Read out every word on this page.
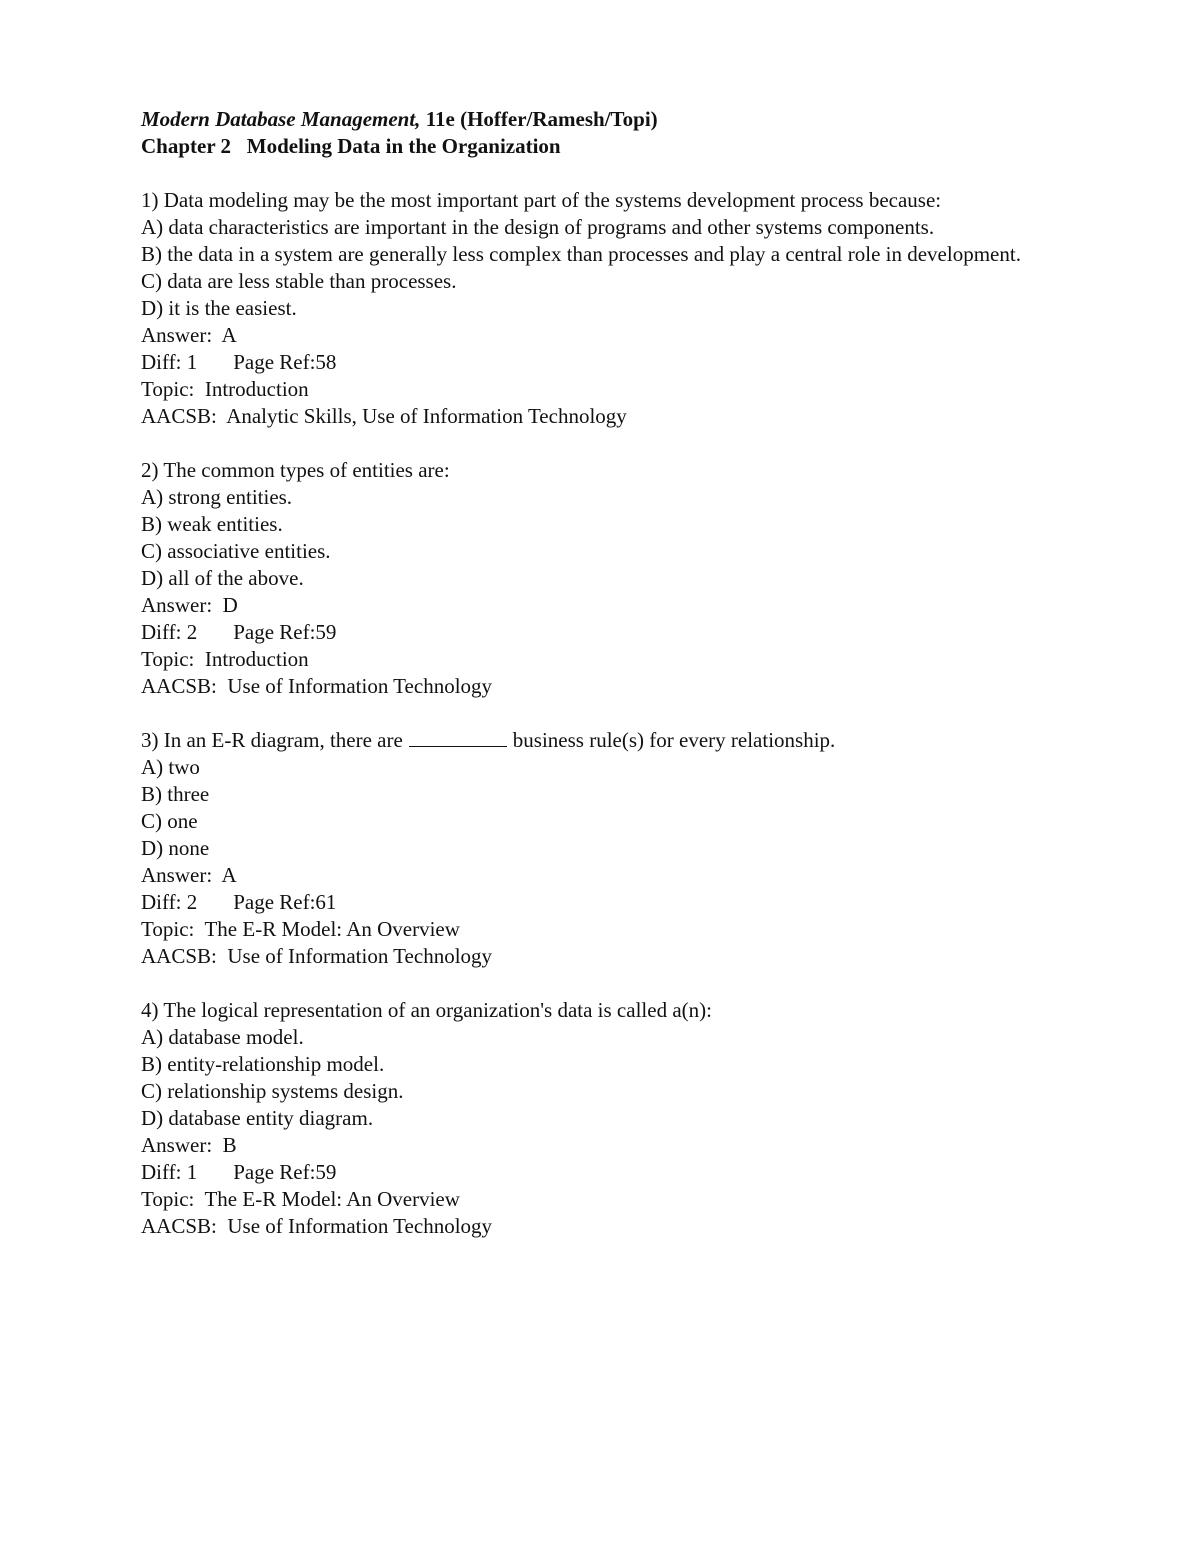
Modern Database Management, 11e (Hoffer/Ramesh/Topi)
Chapter 2   Modeling Data in the Organization
1) Data modeling may be the most important part of the systems development process because:
A) data characteristics are important in the design of programs and other systems components.
B) the data in a system are generally less complex than processes and play a central role in development.
C) data are less stable than processes.
D) it is the easiest.
Answer:  A
Diff: 1 Page Ref:58
Topic:  Introduction
AACSB:  Analytic Skills, Use of Information Technology
2) The common types of entities are:
A) strong entities.
B) weak entities.
C) associative entities.
D) all of the above.
Answer:  D
Diff: 2 Page Ref:59
Topic:  Introduction
AACSB:  Use of Information Technology
3) In an E-R diagram, there are	business rule(s) for every relationship.
A) two
B) three
C) one
D) none
Answer:  A
Diff: 2 Page Ref:61
Topic:  The E-R Model: An Overview
AACSB:  Use of Information Technology
4) The logical representation of an organization's data is called a(n):
A) database model.
B) entity-relationship model.
C) relationship systems design.
D) database entity diagram.
Answer:  B
Diff: 1 Page Ref:59
Topic:  The E-R Model: An Overview
AACSB:  Use of Information Technology
